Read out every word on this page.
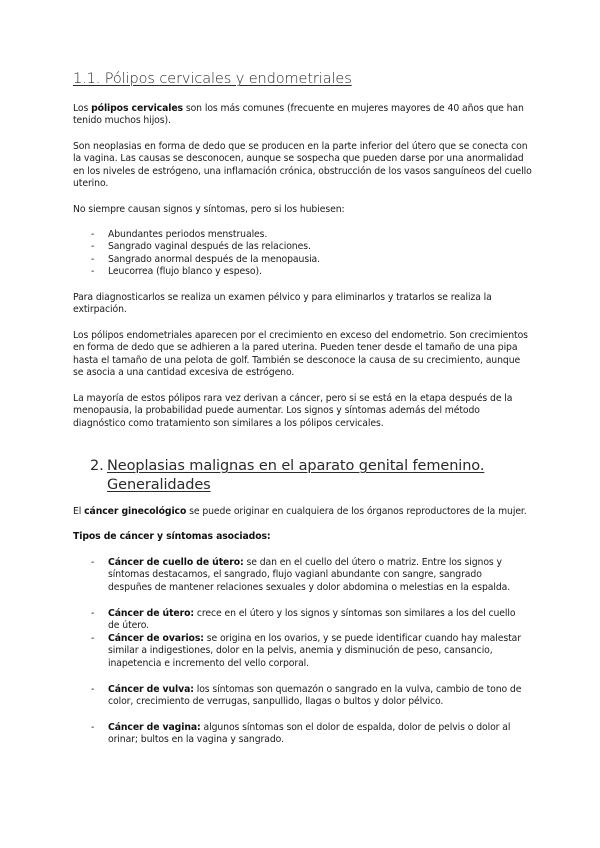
1.1. Pólipos cervicales y endometriales
Los pólipos cervicales son los más comunes (frecuente en mujeres mayores de 40 años que han tenido muchos hijos).
Son neoplasias en forma de dedo que se producen en la parte inferior del útero que se conecta con la vagina. Las causas se desconocen, aunque se sospecha que pueden darse por una anormalidad en los niveles de estrógeno, una inflamación crónica, obstrucción de los vasos sanguíneos del cuello uterino.
No siempre causan signos y síntomas, pero si los hubiesen:
- Abundantes periodos menstruales.
- Sangrado vaginal después de las relaciones.
- Sangrado anormal después de la menopausia.
- Leucorrea (flujo blanco y espeso).
Para diagnosticarlos se realiza un examen pélvico y para eliminarlos y tratarlos se realiza la extirpación.
Los pólipos endometriales aparecen por el crecimiento en exceso del endometrio. Son crecimientos en forma de dedo que se adhieren a la pared uterina. Pueden tener desde el tamaño de una pipa hasta el tamaño de una pelota de golf. También se desconoce la causa de su crecimiento, aunque se asocia a una cantidad excesiva de estrógeno.
La mayoría de estos pólipos rara vez derivan a cáncer, pero si se está en la etapa después de la menopausia, la probabilidad puede aumentar. Los signos y síntomas además del método diagnóstico como tratamiento son similares a los pólipos cervicales.
2. Neoplasias malignas en el aparato genital femenino. Generalidades
El cáncer ginecológico se puede originar en cualquiera de los órganos reproductores de la mujer.
Tipos de cáncer y síntomas asociados:
- Cáncer de cuello de útero: se dan en el cuello del útero o matriz. Entre los signos y síntomas destacamos, el sangrado, flujo vagianl abundante con sangre, sangrado despuñes de mantener relaciones sexuales y dolor abdomina o melestias en la espalda.
- Cáncer de útero: crece en el útero y los signos y síntomas son similares a los del cuello de útero.
- Cáncer de ovarios: se origina en los ovarios, y se puede identificar cuando hay malestar similar a indigestiones, dolor en la pelvis, anemia y disminución de peso, cansancio, inapetencia e incremento del vello corporal.
- Cáncer de vulva: los síntomas son quemazón o sangrado en la vulva, cambio de tono de color, crecimiento de verrugas, sanpullido, llagas o bultos y dolor pélvico.
- Cáncer de vagina: algunos síntomas son el dolor de espalda, dolor de pelvis o dolor al orinar; bultos en la vagina y sangrado.
